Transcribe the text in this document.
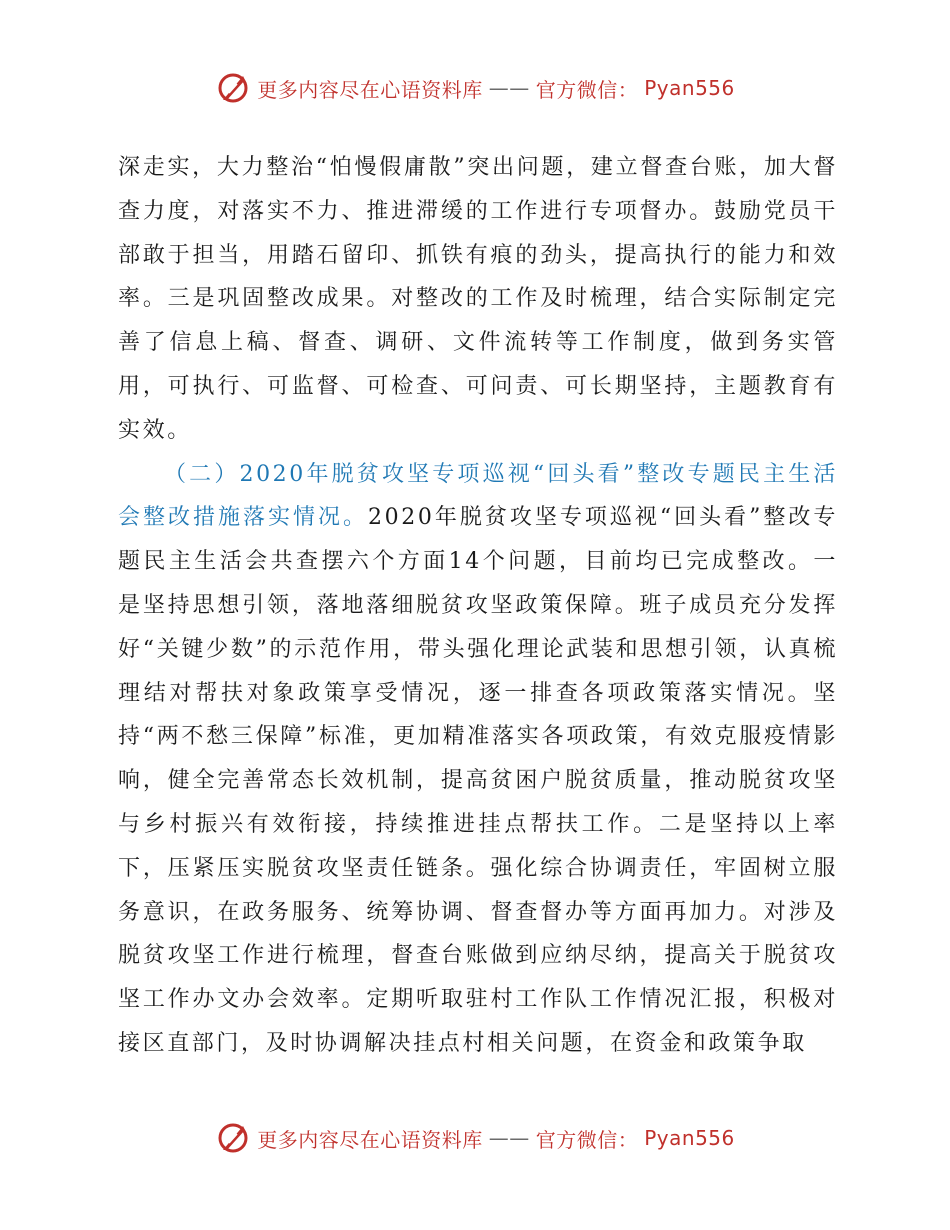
更多内容尽在心语资料库 —— 官方微信： Pyan556

深走实，大力整治“怕慢假庸散”突出问题，建立督查台账，加大督查力度，对落实不力、推进滞缓的工作进行专项督办。鼓励党员干部敢于担当，用踏石留印、抓铁有痕的劲头，提高执行的能力和效率。三是巩固整改成果。对整改的工作及时梳理，结合实际制定完善了信息上稿、督查、调研、文件流转等工作制度，做到务实管用，可执行、可监督、可检查、可问责、可长期坚持，主题教育有实效。

（二）2020年脱贫攻坚专项巡视“回头看”整改专题民主生活会整改措施落实情况。2020年脱贫攻坚专项巡视“回头看”整改专题民主生活会共查摆六个方面14个问题，目前均已完成整改。一是坚持思想引领，落地落细脱贫攻坚政策保障。班子成员充分发挥好“关键少数”的示范作用，带头强化理论武装和思想引领，认真梳理结对帮扶对象政策享受情况，逐一排查各项政策落实情况。坚持“两不愁三保障”标准，更加精准落实各项政策，有效克服疫情影响，健全完善常态长效机制，提高贫困户脱贫质量，推动脱贫攻坚与乡村振兴有效衔接，持续推进挂点帮扶工作。二是坚持以上率下，压紧压实脱贫攻坚责任链条。强化综合协调责任，牢固树立服务意识，在政务服务、统筹协调、督查督办等方面再加力。对涉及脱贫攻坚工作进行梳理，督查台账做到应纳尽纳，提高关于脱贫攻坚工作办文办会效率。定期听取驻村工作队工作情况汇报，积极对接区直部门，及时协调解决挂点村相关问题，在资金和政策争取

更多内容尽在心语资料库 —— 官方微信： Pyan556
